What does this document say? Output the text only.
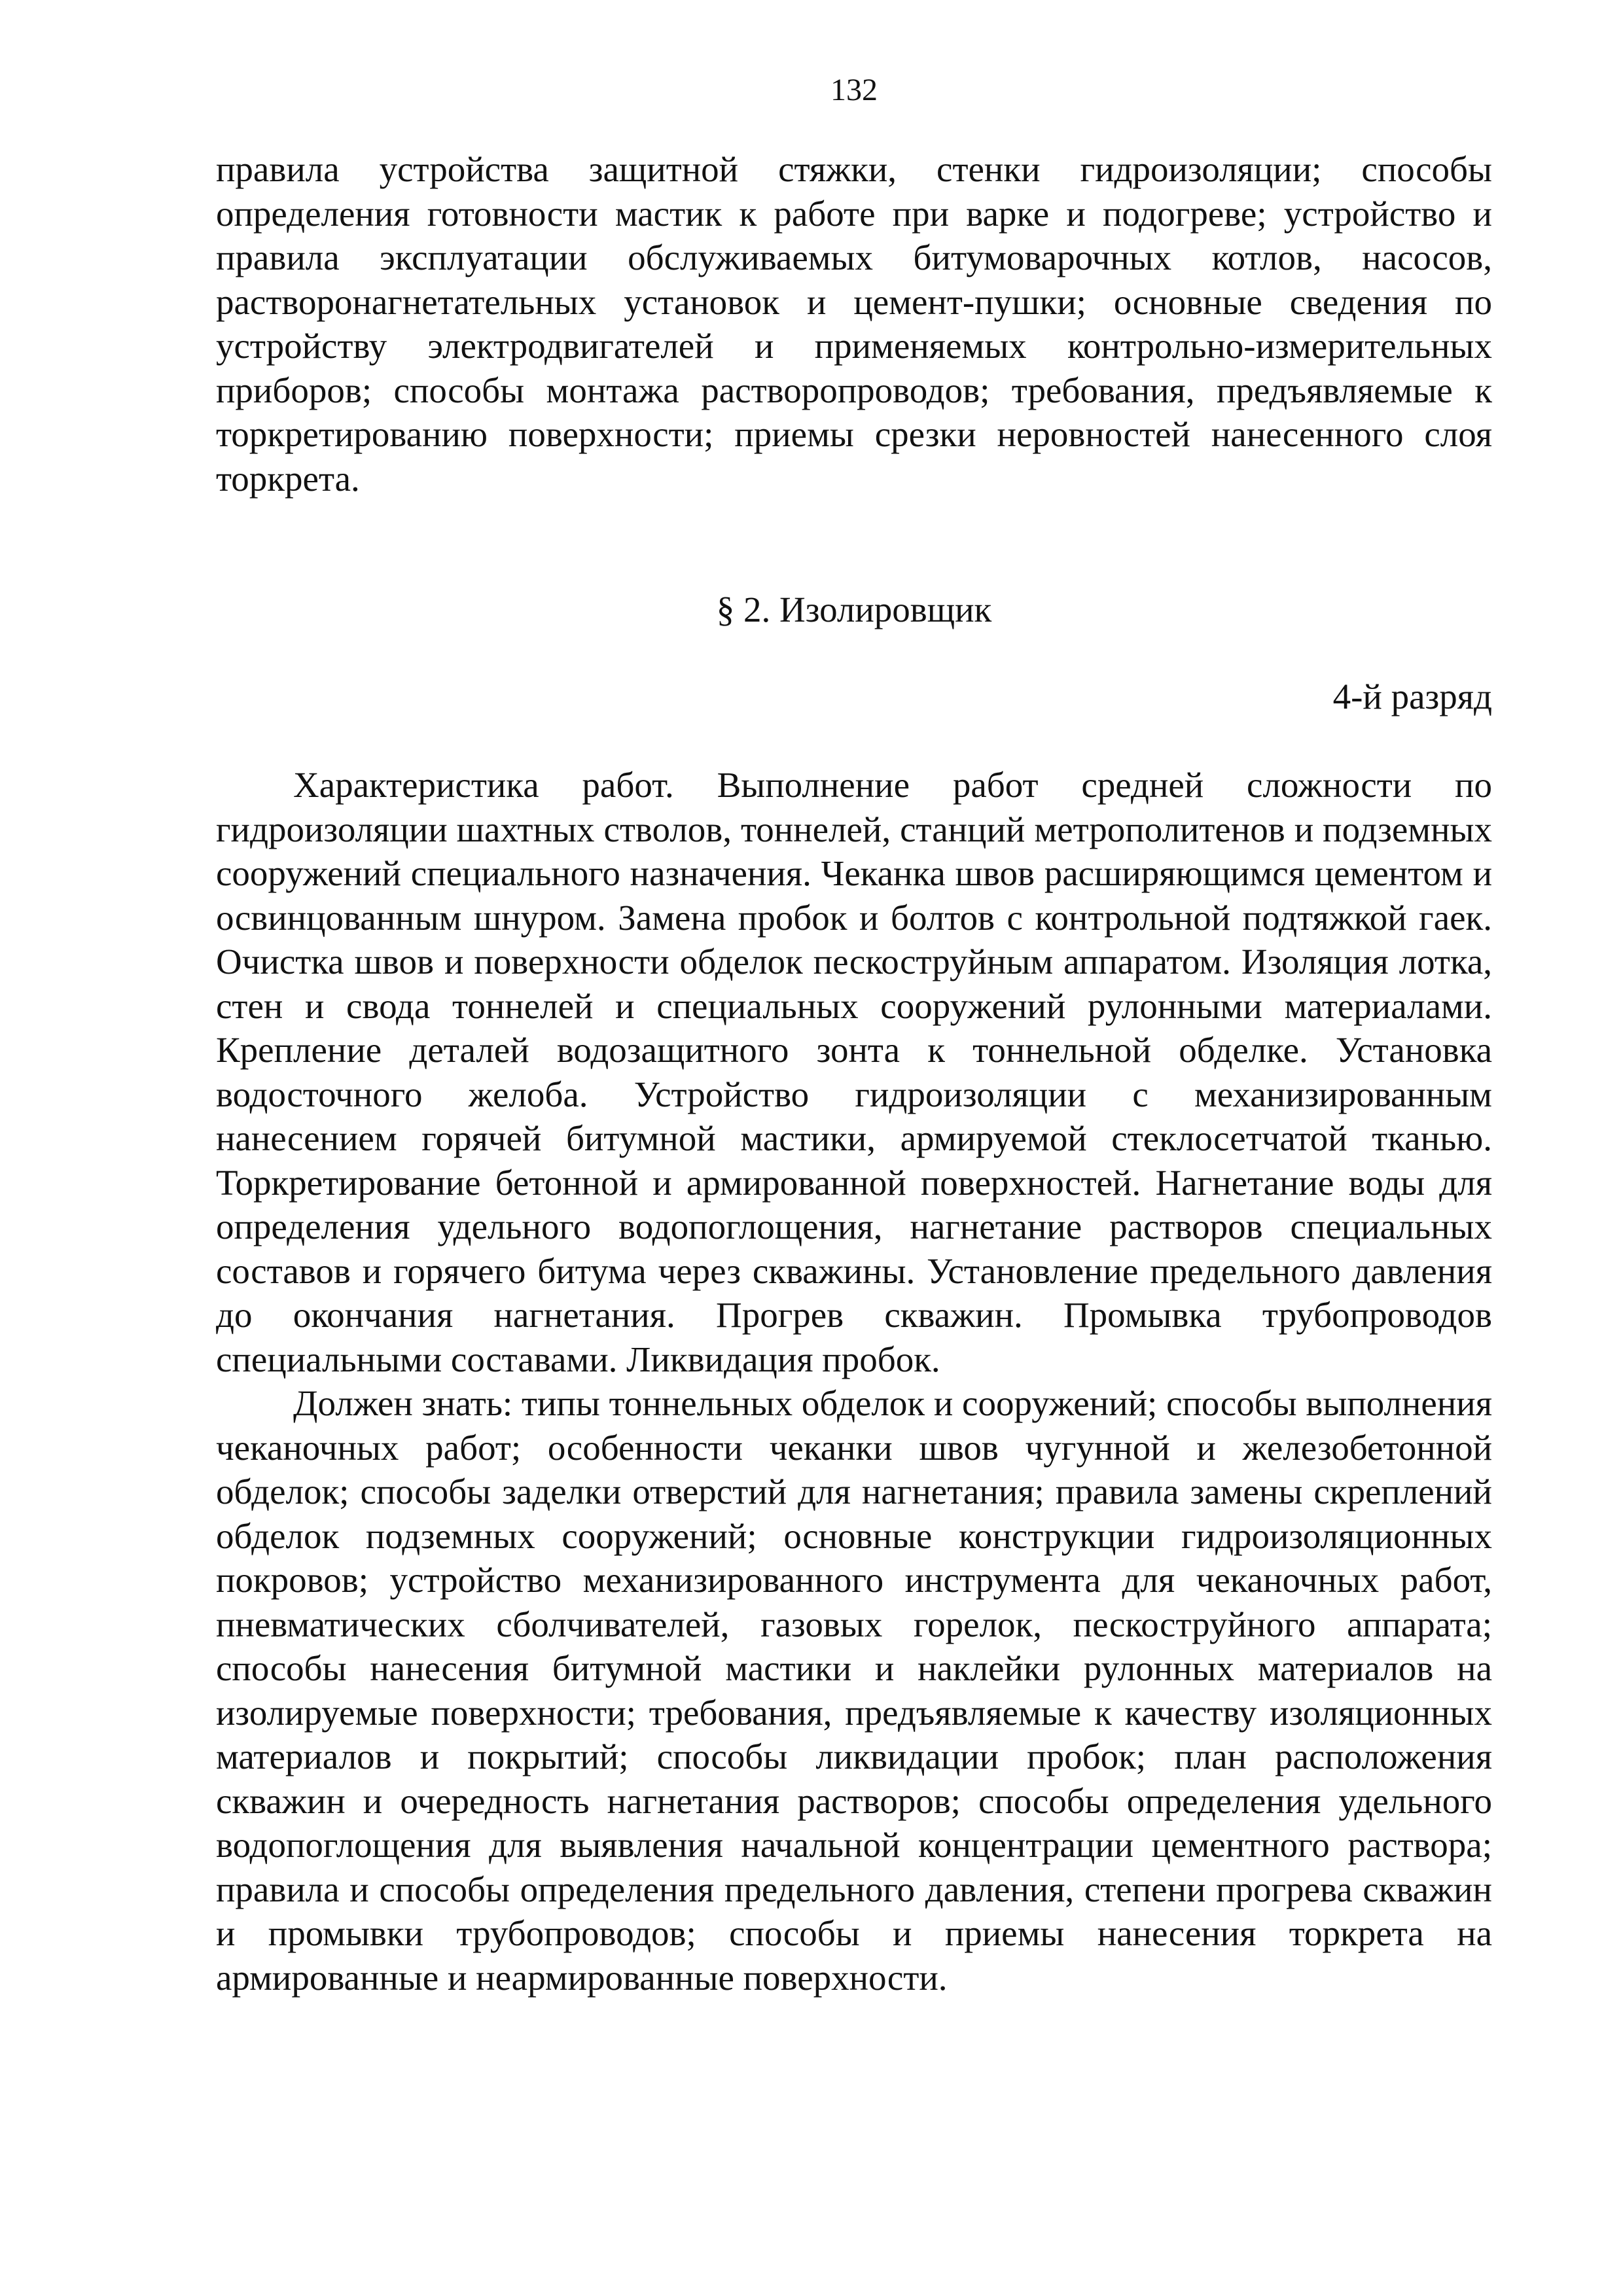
132

правила устройства защитной стяжки, стенки гидроизоляции; способы определения готовности мастик к работе при варке и подогреве; устройство и правила эксплуатации обслуживаемых битумоварочных котлов, насосов, растворонагнетательных установок и цемент-пушки; основные сведения по устройству электродвигателей и применяемых контрольно-измерительных приборов; способы монтажа растворопроводов; требования, предъявляемые к торкретированию поверхности; приемы срезки неровностей нанесенного слоя торкрета.

§ 2. Изолировщик

4-й разряд

Характеристика работ. Выполнение работ средней сложности по гидроизоляции шахтных стволов, тоннелей, станций метрополитенов и подземных сооружений специального назначения. Чеканка швов расширяющимся цементом и освинцованным шнуром. Замена пробок и болтов с контрольной подтяжкой гаек. Очистка швов и поверхности обделок пескоструйным аппаратом. Изоляция лотка, стен и свода тоннелей и специальных сооружений рулонными материалами. Крепление деталей водозащитного зонта к тоннельной обделке. Установка водосточного желоба. Устройство гидроизоляции с механизированным нанесением горячей битумной мастики, армируемой стеклосетчатой тканью. Торкретирование бетонной и армированной поверхностей. Нагнетание воды для определения удельного водопоглощения, нагнетание растворов специальных составов и горячего битума через скважины. Установление предельного давления до окончания нагнетания. Прогрев скважин. Промывка трубопроводов специальными составами. Ликвидация пробок.

Должен знать: типы тоннельных обделок и сооружений; способы выполнения чеканочных работ; особенности чеканки швов чугунной и железобетонной обделок; способы заделки отверстий для нагнетания; правила замены скреплений обделок подземных сооружений; основные конструкции гидроизоляционных покровов; устройство механизированного инструмента для чеканочных работ, пневматических сболчивателей, газовых горелок, пескоструйного аппарата; способы нанесения битумной мастики и наклейки рулонных материалов на изолируемые поверхности; требования, предъявляемые к качеству изоляционных материалов и покрытий; способы ликвидации пробок; план расположения скважин и очередность нагнетания растворов; способы определения удельного водопоглощения для выявления начальной концентрации цементного раствора; правила и способы определения предельного давления, степени прогрева скважин и промывки трубопроводов; способы и приемы нанесения торкрета на армированные и неармированные поверхности.
